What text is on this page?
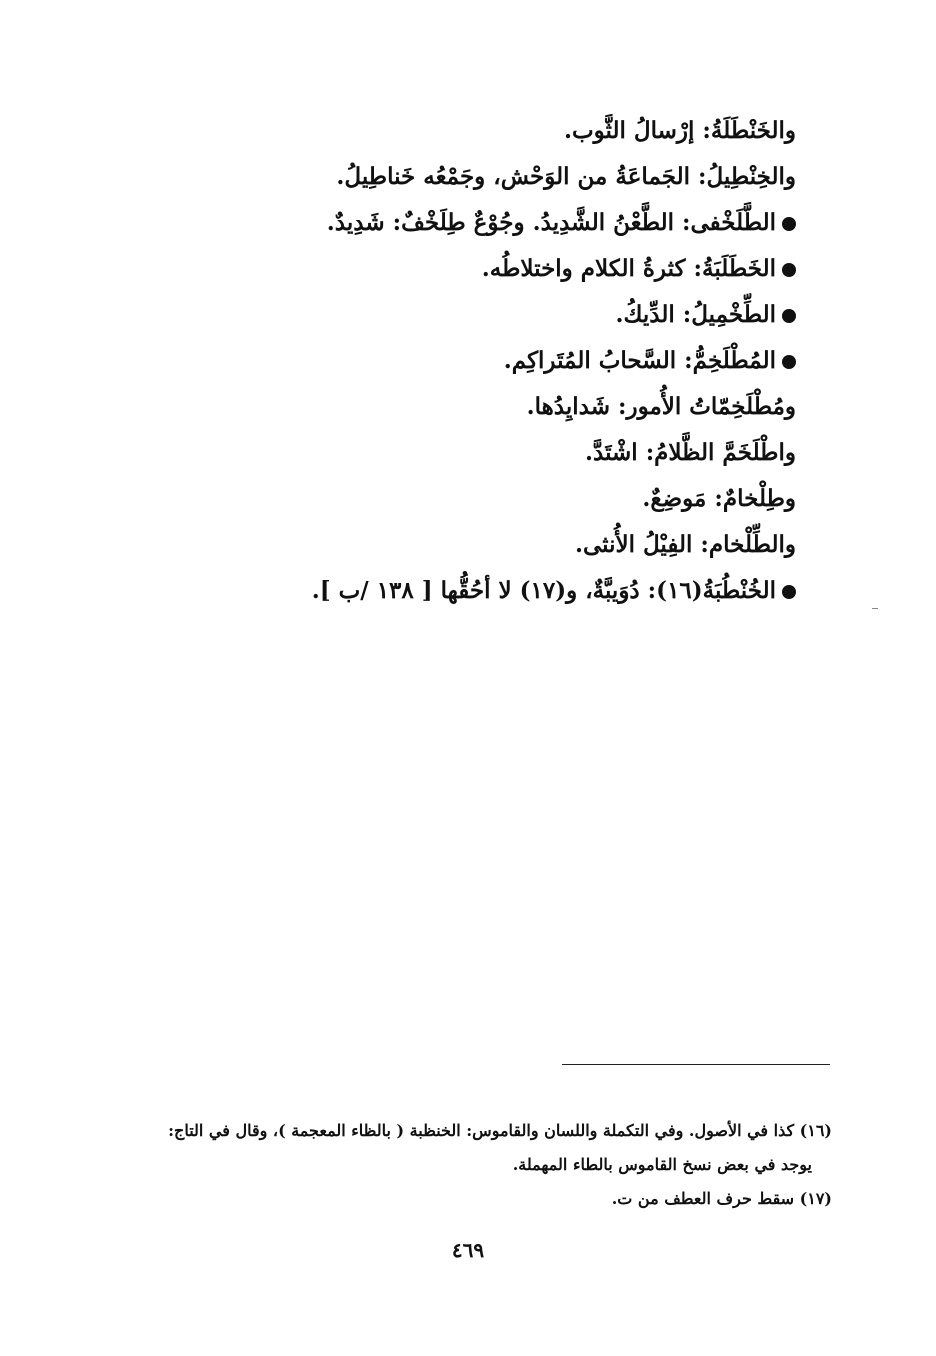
والخَنْطَلَةُ: إرْسالُ الثَّوب.
والخِنْطِيلُ: الجَماعَةُ من الوَحْش، وجَمْعُه خَناطِيلُ.
الطَّلَخْفى: الطَّعْنُ الشَّدِيدُ. وجُوْعٌ طِلَخْفٌ: شَدِيدٌ.
الخَطَلَبَةُ: كثرةُ الكلام واختلاطُه.
الطِّخْمِيلُ: الدِّيكُ.
المُطْلَخِمُّ: السَّحابُ المُتَراكِم.
ومُطْلَخِمّاتُ الأُمور: شَدايِدُها.
واطْلَخَمَّ الظَّلامُ: اشْتَدَّ.
وطِلْخامٌ: مَوضِعٌ.
والطِّلْخام: الفِيْلُ الأُنثى.
الخُنْطُبَةُ(١٦): دُوَيبَّةٌ، و(١٧) لا أحُقُّها [ ١٣٨ /ب ].
(١٦) كذا في الأصول. وفي التكملة واللسان والقاموس: الخنظبة ( بالظاء المعجمة )، وقال في التاج:
يوجد في بعض نسخ القاموس بالطاء المهملة.
(١٧) سقط حرف العطف من ت.
٤٦٩
